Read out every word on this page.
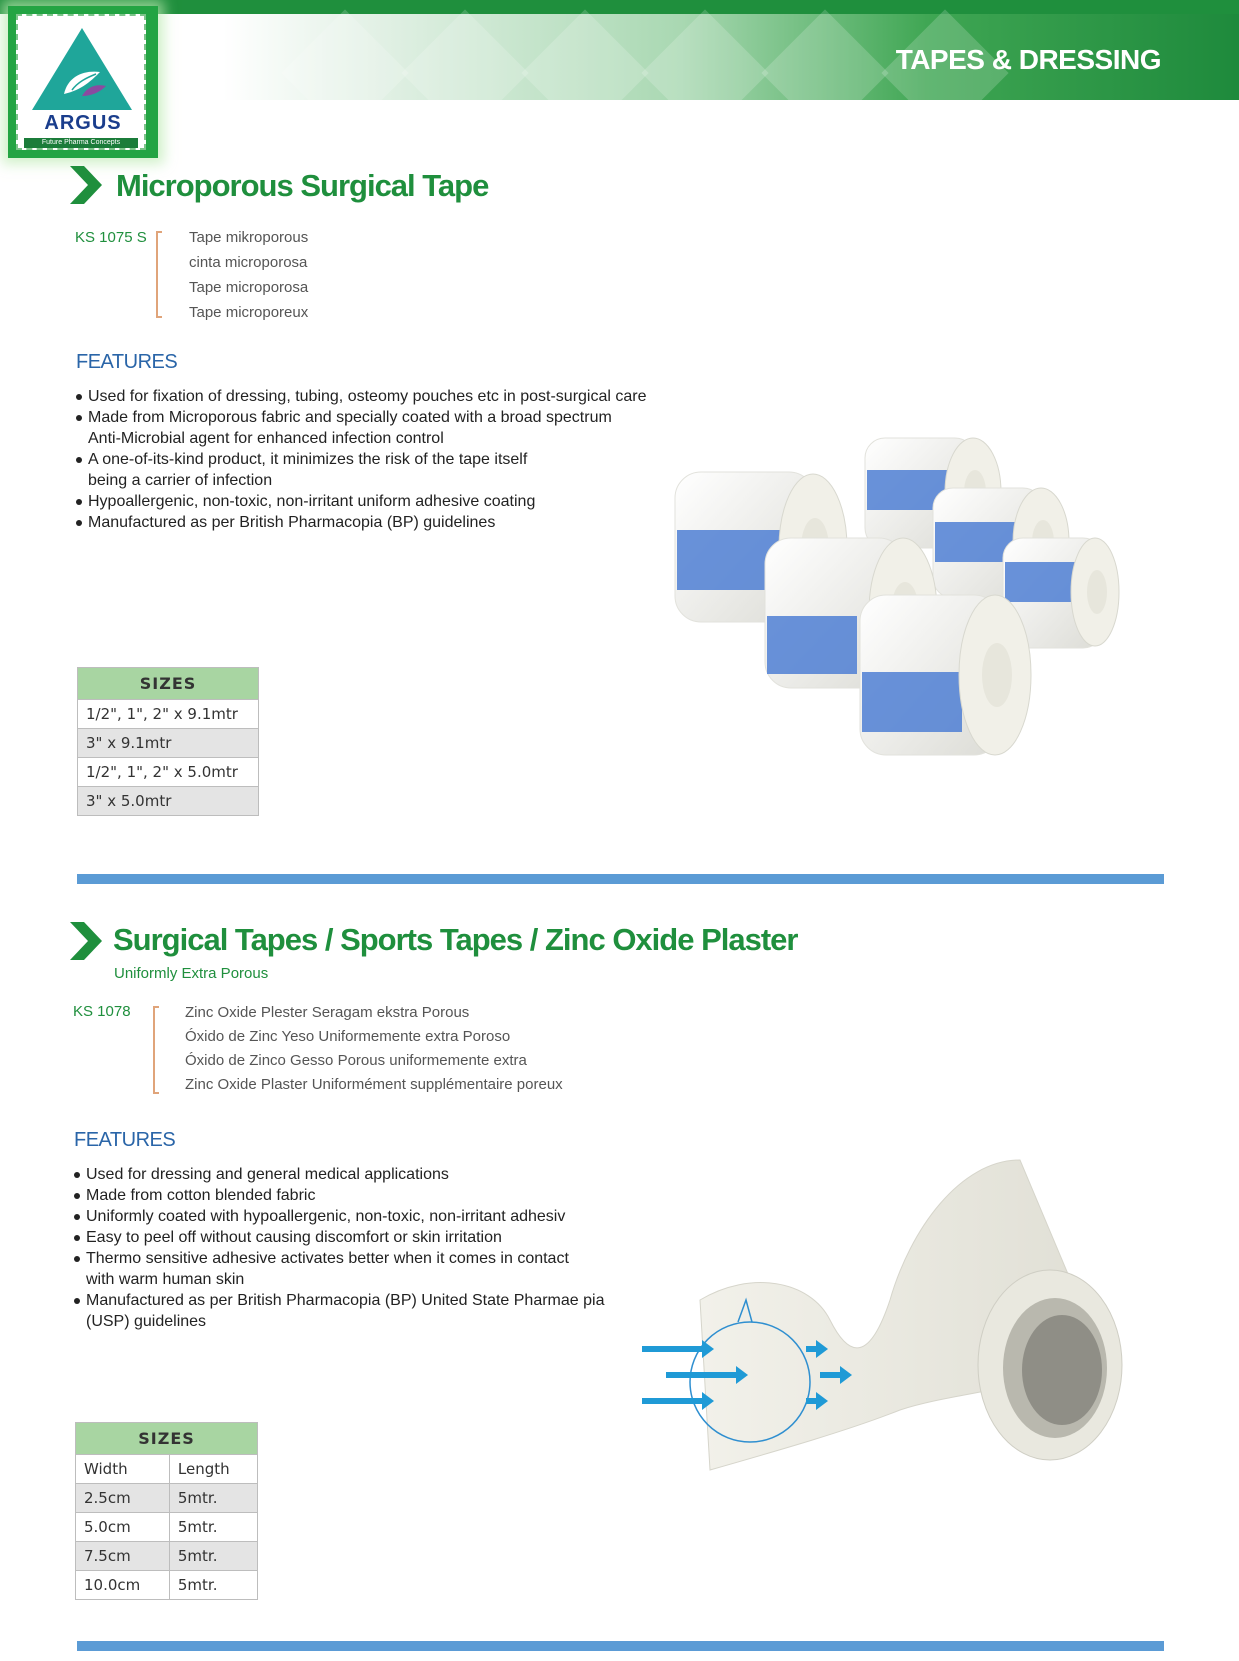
TAPES & DRESSING
ARGUS
Future Pharma Concepts
Microporous Surgical Tape
KS 1075 S	Tape mikroporous
cinta microporosa
Tape microporosa
Tape microporeux
FEATURES
Used for fixation of dressing, tubing, osteomy pouches etc in post-surgical care
Made from Microporous fabric and specially coated with a broad spectrum Anti-Microbial agent for enhanced infection control
A one-of-its-kind product, it minimizes the risk of the tape itself being a carrier of infection
Hypoallergenic, non-toxic, non-irritant uniform adhesive coating
Manufactured as per British Pharmacopia (BP) guidelines
SIZES
1/2", 1", 2" x 9.1mtr
3" x 9.1mtr
1/2", 1", 2" x 5.0mtr
3" x 5.0mtr
Surgical Tapes / Sports Tapes / Zinc Oxide Plaster
Uniformly Extra Porous
KS 1078	Zinc Oxide Plester Seragam ekstra Porous
Óxido de Zinc Yeso Uniformemente extra Poroso
Óxido de Zinco Gesso Porous uniformemente extra
Zinc Oxide Plaster Uniformément supplémentaire poreux
FEATURES
Used for dressing and general medical applications
Made from cotton blended fabric
Uniformly coated with hypoallergenic, non-toxic, non-irritant adhesiv
Easy to peel off without causing discomfort or skin irritation
Thermo sensitive adhesive activates better when it comes in contact with warm human skin
Manufactured as per British Pharmacopia (BP) United State Pharmae pia (USP) guidelines
SIZES	
Width	Length
2.5cm	5mtr.
5.0cm	5mtr.
7.5cm	5mtr.
10.0cm	5mtr.
